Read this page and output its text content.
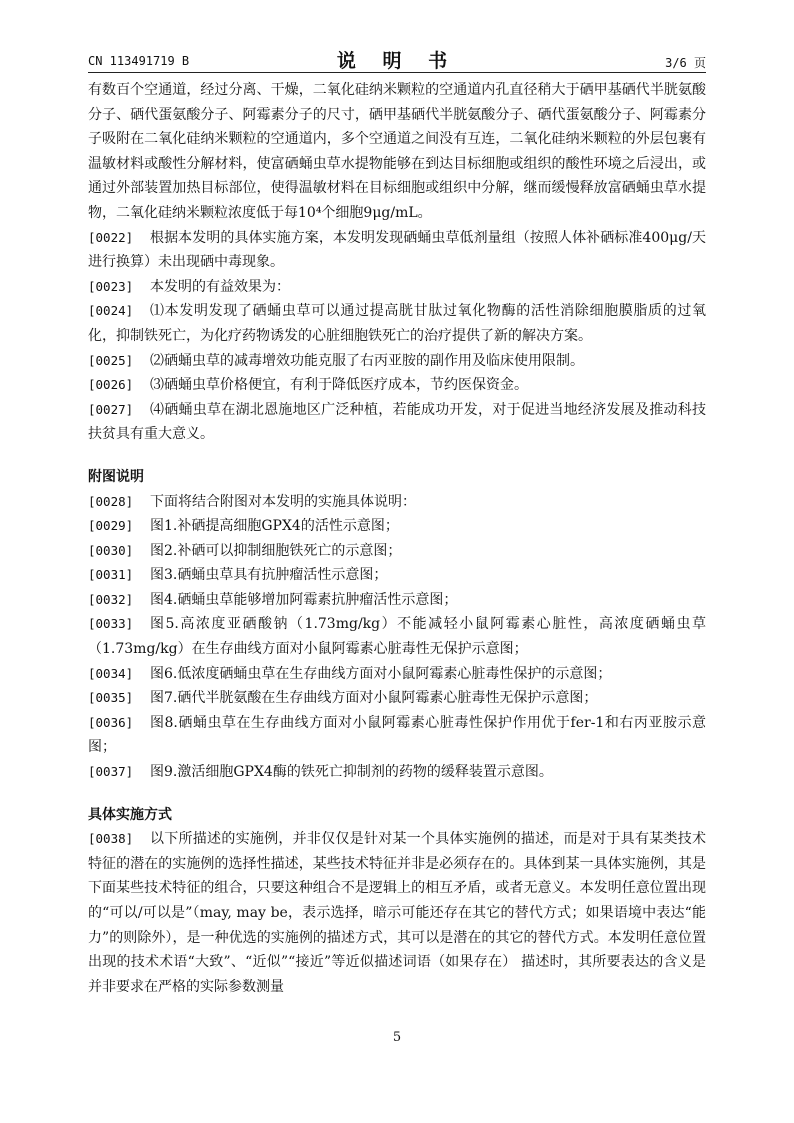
CN 113491719 B	说 明 书	3/6 页

有数百个空通道，经过分离、干燥，二氧化硅纳米颗粒的空通道内孔直径稍大于硒甲基硒代半胱氨酸分子、硒代蛋氨酸分子、阿霉素分子的尺寸，硒甲基硒代半胱氨酸分子、硒代蛋氨酸分子、阿霉素分子吸附在二氧化硅纳米颗粒的空通道内，多个空通道之间没有互连，二氧化硅纳米颗粒的外层包裹有温敏材料或酸性分解材料，使富硒蛹虫草水提物能够在到达目标细胞或组织的酸性环境之后浸出，或通过外部装置加热目标部位，使得温敏材料在目标细胞或组织中分解，继而缓慢释放富硒蛹虫草水提物，二氧化硅纳米颗粒浓度低于每10⁴个细胞9μg/mL。

[0022] 根据本发明的具体实施方案，本发明发现硒蛹虫草低剂量组（按照人体补硒标准400μg/天进行换算）未出现硒中毒现象。

[0023] 本发明的有益效果为：

[0024] ⑴本发明发现了硒蛹虫草可以通过提高胱甘肽过氧化物酶的活性消除细胞膜脂质的过氧化，抑制铁死亡，为化疗药物诱发的心脏细胞铁死亡的治疗提供了新的解决方案。

[0025] ⑵硒蛹虫草的减毒增效功能克服了右丙亚胺的副作用及临床使用限制。

[0026] ⑶硒蛹虫草价格便宜，有利于降低医疗成本，节约医保资金。

[0027] ⑷硒蛹虫草在湖北恩施地区广泛种植，若能成功开发，对于促进当地经济发展及推动科技扶贫具有重大意义。

附图说明

[0028] 下面将结合附图对本发明的实施具体说明：

[0029] 图1.补硒提高细胞GPX4的活性示意图；

[0030] 图2.补硒可以抑制细胞铁死亡的示意图；

[0031] 图3.硒蛹虫草具有抗肿瘤活性示意图；

[0032] 图4.硒蛹虫草能够增加阿霉素抗肿瘤活性示意图；

[0033] 图5.高浓度亚硒酸钠（1.73mg/kg）不能减轻小鼠阿霉素心脏性，高浓度硒蛹虫草（1.73mg/kg）在生存曲线方面对小鼠阿霉素心脏毒性无保护示意图；

[0034] 图6.低浓度硒蛹虫草在生存曲线方面对小鼠阿霉素心脏毒性保护的示意图；

[0035] 图7.硒代半胱氨酸在生存曲线方面对小鼠阿霉素心脏毒性无保护示意图；

[0036] 图8.硒蛹虫草在生存曲线方面对小鼠阿霉素心脏毒性保护作用优于fer-1和右丙亚胺示意图；

[0037] 图9.激活细胞GPX4酶的铁死亡抑制剂的药物的缓释装置示意图。

具体实施方式

[0038] 以下所描述的实施例，并非仅仅是针对某一个具体实施例的描述，而是对于具有某类技术特征的潜在的实施例的选择性描述，某些技术特征并非是必须存在的。具体到某一具体实施例，其是下面某些技术特征的组合，只要这种组合不是逻辑上的相互矛盾，或者无意义。本发明任意位置出现的“可以/可以是”（may, may be，表示选择，暗示可能还存在其它的替代方式；如果语境中表达“能力”的则除外），是一种优选的实施例的描述方式，其可以是潜在的其它的替代方式。本发明任意位置出现的技术术语“大致”、“近似”“接近”等近似描述词语（如果存在） 描述时，其所要表达的含义是并非要求在严格的实际参数测量

5
